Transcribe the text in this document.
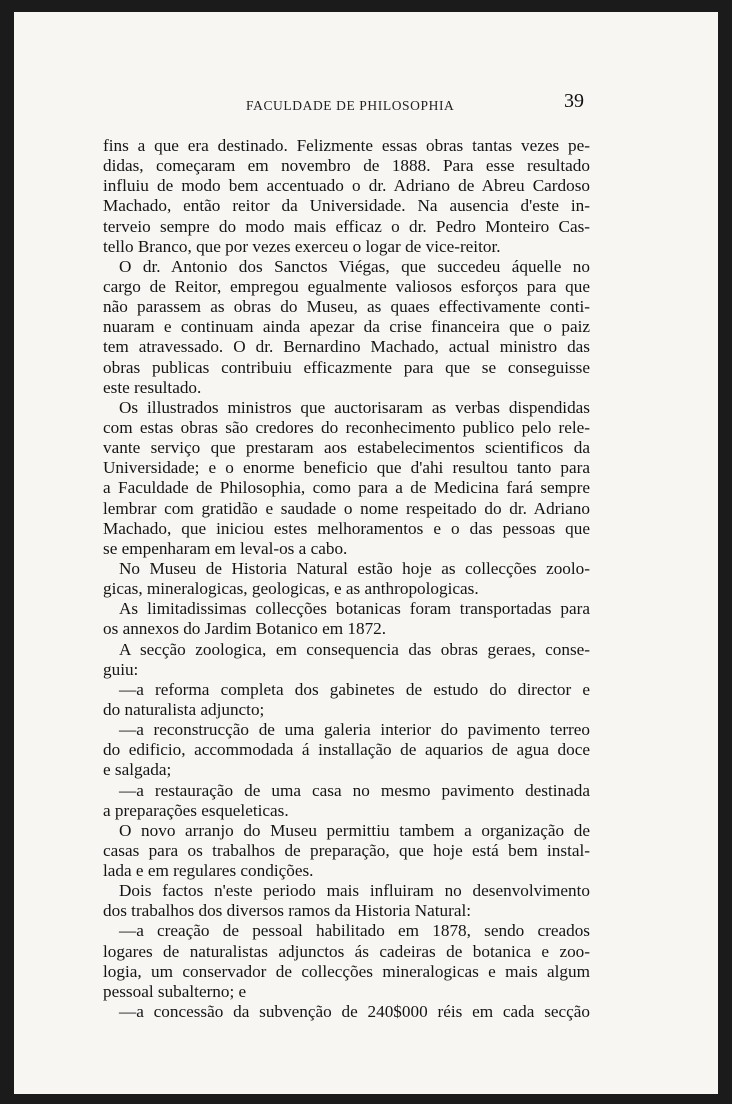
FACULDADE DE PHILOSOPHIA	39
fins a que era destinado. Felizmente essas obras tantas vezes pe-
didas, começaram em novembro de 1888. Para esse resultado
influiu de modo bem accentuado o dr. Adriano de Abreu Cardoso
Machado, então reitor da Universidade. Na ausencia d'este in-
terveio sempre do modo mais efficaz o dr. Pedro Monteiro Cas-
tello Branco, que por vezes exerceu o logar de vice-reitor.
O dr. Antonio dos Sanctos Viégas, que succedeu áquelle no
cargo de Reitor, empregou egualmente valiosos esforços para que
não parassem as obras do Museu, as quaes effectivamente conti-
nuaram e continuam ainda apezar da crise financeira que o paiz
tem atravessado. O dr. Bernardino Machado, actual ministro das
obras publicas contribuiu efficazmente para que se conseguisse
este resultado.
Os illustrados ministros que auctorisaram as verbas dispendidas
com estas obras são credores do reconhecimento publico pelo rele-
vante serviço que prestaram aos estabelecimentos scientificos da
Universidade; e o enorme beneficio que d'ahi resultou tanto para
a Faculdade de Philosophia, como para a de Medicina fará sempre
lembrar com gratidão e saudade o nome respeitado do dr. Adriano
Machado, que iniciou estes melhoramentos e o das pessoas que
se empenharam em leval-os a cabo.
No Museu de Historia Natural estão hoje as collecções zoolo-
gicas, mineralogicas, geologicas, e as anthropologicas.
As limitadissimas collecções botanicas foram transportadas para
os annexos do Jardim Botanico em 1872.
A secção zoologica, em consequencia das obras geraes, conse-
guiu:
—a reforma completa dos gabinetes de estudo do director e
do naturalista adjuncto;
—a reconstrucção de uma galeria interior do pavimento terreo
do edificio, accommodada á installação de aquarios de agua doce
e salgada;
—a restauração de uma casa no mesmo pavimento destinada
a preparações esqueleticas.
O novo arranjo do Museu permittiu tambem a organização de
casas para os trabalhos de preparação, que hoje está bem instal-
lada e em regulares condições.
Dois factos n'este periodo mais influiram no desenvolvimento
dos trabalhos dos diversos ramos da Historia Natural:
—a creação de pessoal habilitado em 1878, sendo creados
logares de naturalistas adjunctos ás cadeiras de botanica e zoo-
logia, um conservador de collecções mineralogicas e mais algum
pessoal subalterno; e
—a concessão da subvenção de 240$000 réis em cada secção
